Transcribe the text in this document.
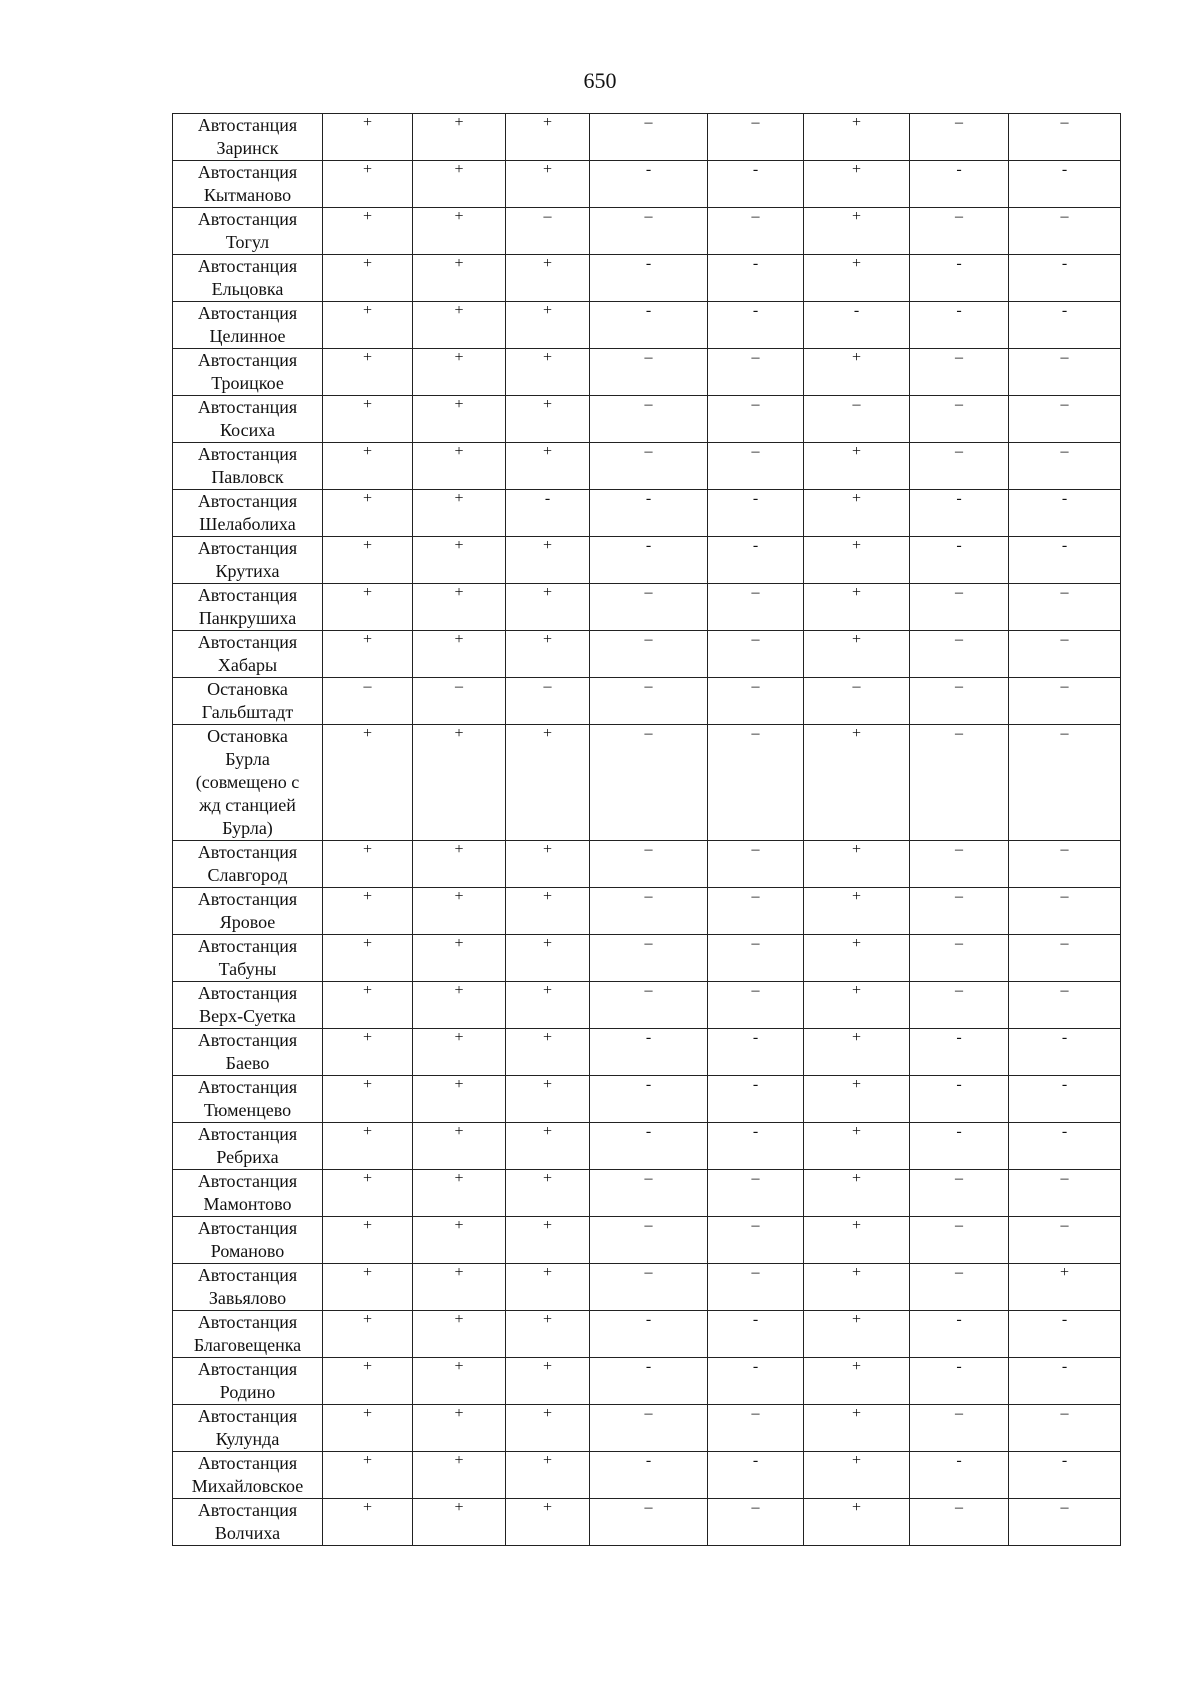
650
Автостанция
Заринск	+	+	+	–	–	+	–	–

Автостанция
Кытманово	+	+	+	-	-	+	-	-

Автостанция
Тогул	+	+	–	–	–	+	–	–

Автостанция
Ельцовка	+	+	+	-	-	+	-	-

Автостанция
Целинное	+	+	+	-	-	-	-	-

Автостанция
Троицкое	+	+	+	–	–	+	–	–

Автостанция
Косиха	+	+	+	–	–	–	–	–

Автостанция
Павловск	+	+	+	–	–	+	–	–

Автостанция
Шелаболиха	+	+	-	-	-	+	-	-

Автостанция
Крутиха	+	+	+	-	-	+	-	-

Автостанция
Панкрушиха	+	+	+	–	–	+	–	–

Автостанция
Хабары	+	+	+	–	–	+	–	–

Остановка
Гальбштадт	–	–	–	–	–	–	–	–

Остановка
Бурла
(совмещено с
жд станцией
Бурла)	+	+	+	–	–	+	–	–

Автостанция
Славгород	+	+	+	–	–	+	–	–

Автостанция
Яровое	+	+	+	–	–	+	–	–

Автостанция
Табуны	+	+	+	–	–	+	–	–

Автостанция
Верх-Суетка	+	+	+	–	–	+	–	–

Автостанция
Баево	+	+	+	-	-	+	-	-

Автостанция
Тюменцево	+	+	+	-	-	+	-	-

Автостанция
Ребриха	+	+	+	-	-	+	-	-

Автостанция
Мамонтово	+	+	+	–	–	+	–	–

Автостанция
Романово	+	+	+	–	–	+	–	–

Автостанция
Завьялово	+	+	+	–	–	+	–	+

Автостанция
Благовещенка	+	+	+	-	-	+	-	-

Автостанция
Родино	+	+	+	-	-	+	-	-

Автостанция
Кулунда	+	+	+	–	–	+	–	–

Автостанция
Михайловское	+	+	+	-	-	+	-	-

Автостанция
Волчиха	+	+	+	–	–	+	–	–
